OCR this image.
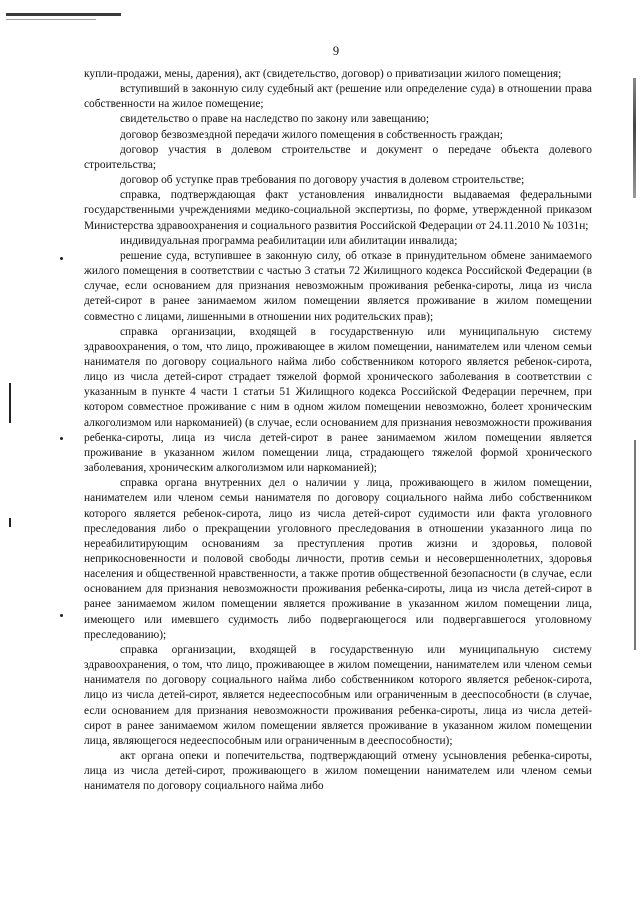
9

купли-продажи, мены, дарения), акт (свидетельство, договор) о приватизации жилого помещения;

вступивший в законную силу судебный акт (решение или определение суда) в отношении права собственности на жилое помещение;

свидетельство о праве на наследство по закону или завещанию;

договор безвозмездной передачи жилого помещения в собственность граждан;

договор участия в долевом строительстве и документ о передаче объекта долевого строительства;

договор об уступке прав требования по договору участия в долевом строительстве;

справка, подтверждающая факт установления инвалидности выдаваемая федеральными государственными учреждениями медико-социальной экспертизы, по форме, утвержденной приказом Министерства здравоохранения и социального развития Российской Федерации от 24.11.2010 № 1031н;

индивидуальная программа реабилитации или абилитации инвалида;

решение суда, вступившее в законную силу, об отказе в принудительном обмене занимаемого жилого помещения в соответствии с частью 3 статьи 72 Жилищного кодекса Российской Федерации (в случае, если основанием для признания невозможным проживания ребенка-сироты, лица из числа детей-сирот в ранее занимаемом жилом помещении является проживание в жилом помещении совместно с лицами, лишенными в отношении них родительских прав);

справка организации, входящей в государственную или муниципальную систему здравоохранения, о том, что лицо, проживающее в жилом помещении, нанимателем или членом семьи нанимателя по договору социального найма либо собственником которого является ребенок-сирота, лицо из числа детей-сирот страдает тяжелой формой хронического заболевания в соответствии с указанным в пункте 4 части 1 статьи 51 Жилищного кодекса Российской Федерации перечнем, при котором совместное проживание с ним в одном жилом помещении невозможно, болеет хроническим алкоголизмом или наркоманией) (в случае, если основанием для признания невозможности проживания ребенка-сироты, лица из числа детей-сирот в ранее занимаемом жилом помещении является проживание в указанном жилом помещении лица, страдающего тяжелой формой хронического заболевания, хроническим алкоголизмом или наркоманией);

справка органа внутренних дел о наличии у лица, проживающего в жилом помещении, нанимателем или членом семьи нанимателя по договору социального найма либо собственником которого является ребенок-сирота, лицо из числа детей-сирот судимости или факта уголовного преследования либо о прекращении уголовного преследования в отношении указанного лица по нереабилитирующим основаниям за преступления против жизни и здоровья, половой неприкосновенности и половой свободы личности, против семьи и несовершеннолетних, здоровья населения и общественной нравственности, а также против общественной безопасности (в случае, если основанием для признания невозможности проживания ребенка-сироты, лица из числа детей-сирот в ранее занимаемом жилом помещении является проживание в указанном жилом помещении лица, имеющего или имевшего судимость либо подвергающегося или подвергавшегося уголовному преследованию);

справка организации, входящей в государственную или муниципальную систему здравоохранения, о том, что лицо, проживающее в жилом помещении, нанимателем или членом семьи нанимателя по договору социального найма либо собственником которого является ребенок-сирота, лицо из числа детей-сирот, является недееспособным или ограниченным в дееспособности (в случае, если основанием для признания невозможности проживания ребенка-сироты, лица из числа детей-сирот в ранее занимаемом жилом помещении является проживание в указанном жилом помещении лица, являющегося недееспособным или ограниченным в дееспособности);

акт органа опеки и попечительства, подтверждающий отмену усыновления ребенка-сироты, лица из числа детей-сирот, проживающего в жилом помещении нанимателем или членом семьи нанимателя по договору социального найма либо
